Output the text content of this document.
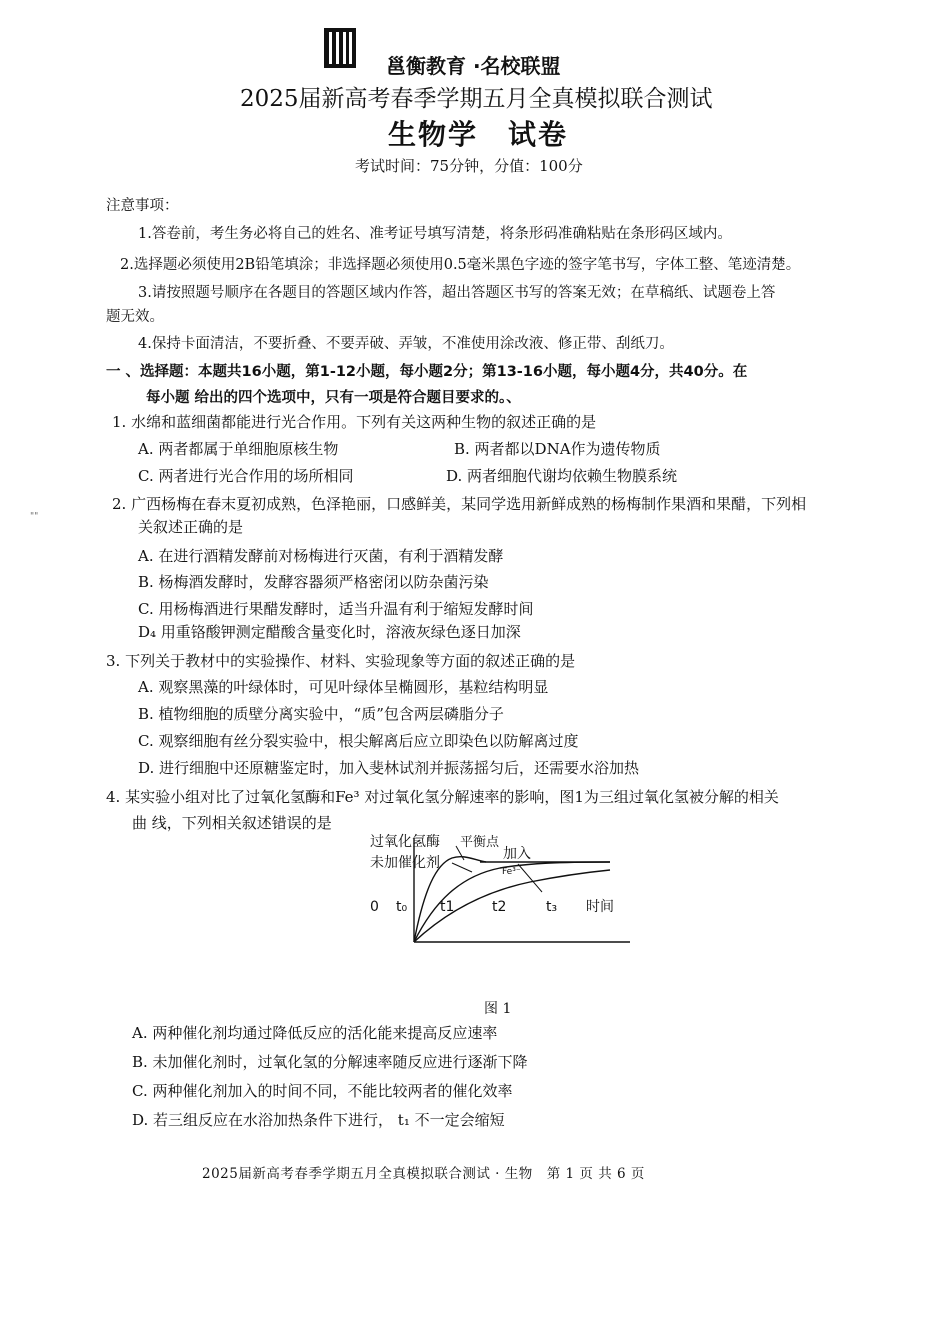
邕衡教育 ·名校联盟
2025届新高考春季学期五月全真模拟联合测试
生物学　试卷
考试时间：75分钟，分值：100分
注意事项：
1.答卷前，考生务必将自己的姓名、准考证号填写清楚，将条形码准确粘贴在条形码区域内。
2.选择题必须使用2B铅笔填涂；非选择题必须使用0.5毫米黑色字迹的签字笔书写，字体工整、笔迹清楚。
3.请按照题号顺序在各题目的答题区域内作答，超出答题区书写的答案无效；在草稿纸、试题卷上答
题无效。
4.保持卡面清洁，不要折叠、不要弄破、弄皱，不准使用涂改液、修正带、刮纸刀。
一 、选择题：本题共16小题，第1-12小题，每小题2分；第13-16小题，每小题4分，共40分。在
每小题 给出的四个选项中，只有一项是符合题目要求的。、
""
1. 水绵和蓝细菌都能进行光合作用。下列有关这两种生物的叙述正确的是
A. 两者都属于单细胞原核生物	B. 两者都以DNA作为遗传物质
C. 两者进行光合作用的场所相同	D. 两者细胞代谢均依赖生物膜系统
2. 广西杨梅在春末夏初成熟，色泽艳丽，口感鲜美，某同学选用新鲜成熟的杨梅制作果酒和果醋，下列相
关叙述正确的是
A. 在进行酒精发酵前对杨梅进行灭菌，有利于酒精发酵
B. 杨梅酒发酵时，发酵容器须严格密闭以防杂菌污染
C. 用杨梅酒进行果醋发酵时，适当升温有利于缩短发酵时间
D₄ 用重铬酸钾测定醋酸含量变化时，溶液灰绿色逐日加深
3. 下列关于教材中的实验操作、材料、实验现象等方面的叙述正确的是
A. 观察黑藻的叶绿体时，可见叶绿体呈椭圆形，基粒结构明显
B. 植物细胞的质壁分离实验中，“质”包含两层磷脂分子
C. 观察细胞有丝分裂实验中，根尖解离后应立即染色以防解离过度
D. 进行细胞中还原糖鉴定时，加入斐林试剂并振荡摇匀后，还需要水浴加热
4. 某实验小组对比了过氧化氢酶和Fe³ 对过氧化氢分解速率的影响，图1为三组过氧化氢被分解的相关
曲 线，下列相关叙述错误的是
过氧化氢酶 平衡点
未加催化剂
加入
Fe³⁻
0 t₀ t1	t2	t₃ 时间
图 1
A. 两种催化剂均通过降低反应的活化能来提高反应速率
B. 未加催化剂时，过氧化氢的分解速率随反应进行逐渐下降
C. 两种催化剂加入的时间不同，不能比较两者的催化效率
D. 若三组反应在水浴加热条件下进行， t₁ 不一定会缩短
2025届新高考春季学期五月全真模拟联合测试 · 生物　第 1 页 共 6 页
